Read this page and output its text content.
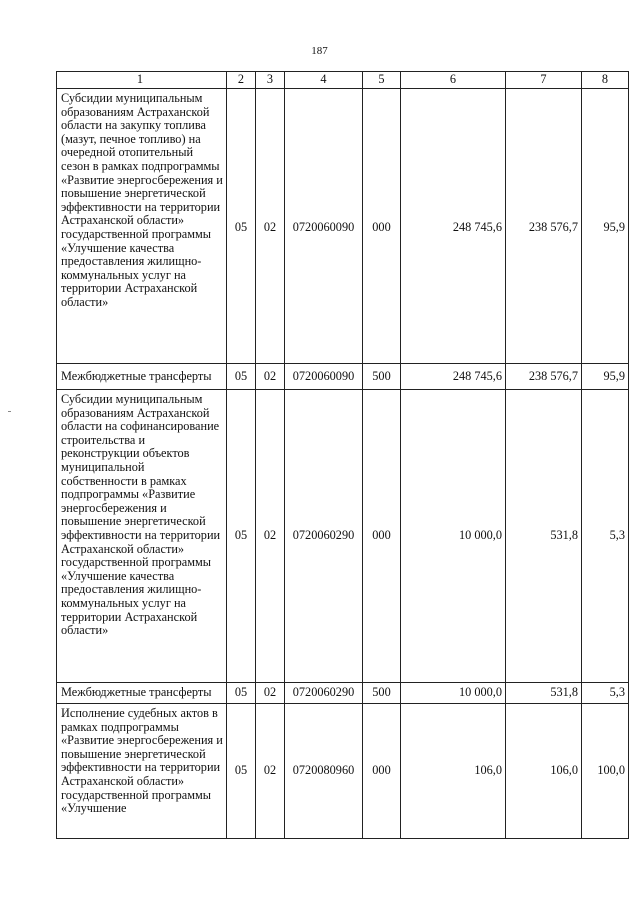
187
1	2	3	4	5	6	7	8
Субсидии муниципальным образованиям Астраханской области на закупку топлива (мазут, печное топливо) на очередной отопительный сезон в рамках подпрограммы «Развитие энергосбережения и повышение энергетической эффективности на территории Астраханской области» государственной программы «Улучшение качества предоставления жилищно-коммунальных услуг на территории Астраханской области»	05	02	0720060090	000	248 745,6	238 576,7	95,9
Межбюджетные трансферты	05	02	0720060090	500	248 745,6	238 576,7	95,9
Субсидии муниципальным образованиям Астраханской области на софинансирование строительства и реконструкции объектов муниципальной собственности в рамках подпрограммы «Развитие энергосбережения и повышение энергетической эффективности на территории Астраханской области» государственной программы «Улучшение качества предоставления жилищно-коммунальных услуг на территории Астраханской области»	05	02	0720060290	000	10 000,0	531,8	5,3
Межбюджетные трансферты	05	02	0720060290	500	10 000,0	531,8	5,3
Исполнение судебных актов в рамках подпрограммы «Развитие энергосбережения и повышение энергетической эффективности на территории Астраханской области» государственной программы «Улучшение	05	02	0720080960	000	106,0	106,0	100,0
